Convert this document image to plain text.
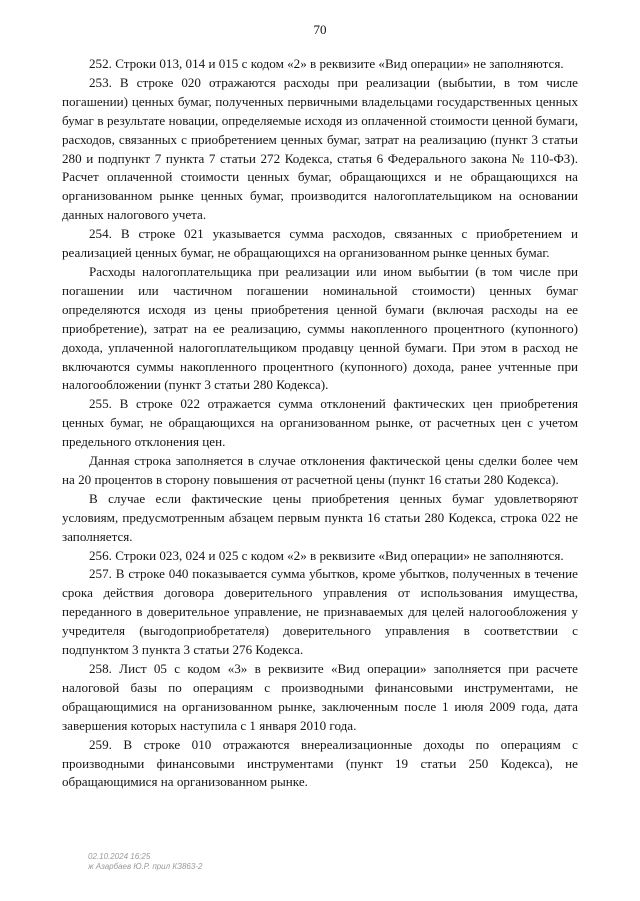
70

252. Строки 013, 014 и 015 с кодом «2» в реквизите «Вид операции» не заполняются.

253. В строке 020 отражаются расходы при реализации (выбытии, в том числе погашении) ценных бумаг, полученных первичными владельцами государственных ценных бумаг в результате новации, определяемые исходя из оплаченной стоимости ценной бумаги, расходов, связанных с приобретением ценных бумаг, затрат на реализацию (пункт 3 статьи 280 и подпункт 7 пункта 7 статьи 272 Кодекса, статья 6 Федерального закона № 110-ФЗ). Расчет оплаченной стоимости ценных бумаг, обращающихся и не обращающихся на организованном рынке ценных бумаг, производится налогоплательщиком на основании данных налогового учета.

254. В строке 021 указывается сумма расходов, связанных с приобретением и реализацией ценных бумаг, не обращающихся на организованном рынке ценных бумаг.

Расходы налогоплательщика при реализации или ином выбытии (в том числе при погашении или частичном погашении номинальной стоимости) ценных бумаг определяются исходя из цены приобретения ценной бумаги (включая расходы на ее приобретение), затрат на ее реализацию, суммы накопленного процентного (купонного) дохода, уплаченной налогоплательщиком продавцу ценной бумаги. При этом в расход не включаются суммы накопленного процентного (купонного) дохода, ранее учтенные при налогообложении (пункт 3 статьи 280 Кодекса).

255. В строке 022 отражается сумма отклонений фактических цен приобретения ценных бумаг, не обращающихся на организованном рынке, от расчетных цен с учетом предельного отклонения цен.

Данная строка заполняется в случае отклонения фактической цены сделки более чем на 20 процентов в сторону повышения от расчетной цены (пункт 16 статьи 280 Кодекса).

В случае если фактические цены приобретения ценных бумаг удовлетворяют условиям, предусмотренным абзацем первым пункта 16 статьи 280 Кодекса, строка 022 не заполняется.

256. Строки 023, 024 и 025 с кодом «2» в реквизите «Вид операции» не заполняются.

257. В строке 040 показывается сумма убытков, кроме убытков, полученных в течение срока действия договора доверительного управления от использования имущества, переданного в доверительное управление, не признаваемых для целей налогообложения у учредителя (выгодоприобретателя) доверительного управления в соответствии с подпунктом 3 пункта 3 статьи 276 Кодекса.

258. Лист 05 с кодом «3» в реквизите «Вид операции» заполняется при расчете налоговой базы по операциям с производными финансовыми инструментами, не обращающимися на организованном рынке, заключенным после 1 июля 2009 года, дата завершения которых наступила с 1 января 2010 года.

259. В строке 010 отражаются внереализационные доходы по операциям с производными финансовыми инструментами (пункт 19 статьи 250 Кодекса), не обращающимися на организованном рынке.

02.10.2024 16:25
ж Азарбаев Ю.Р. прил КЗ863-2
